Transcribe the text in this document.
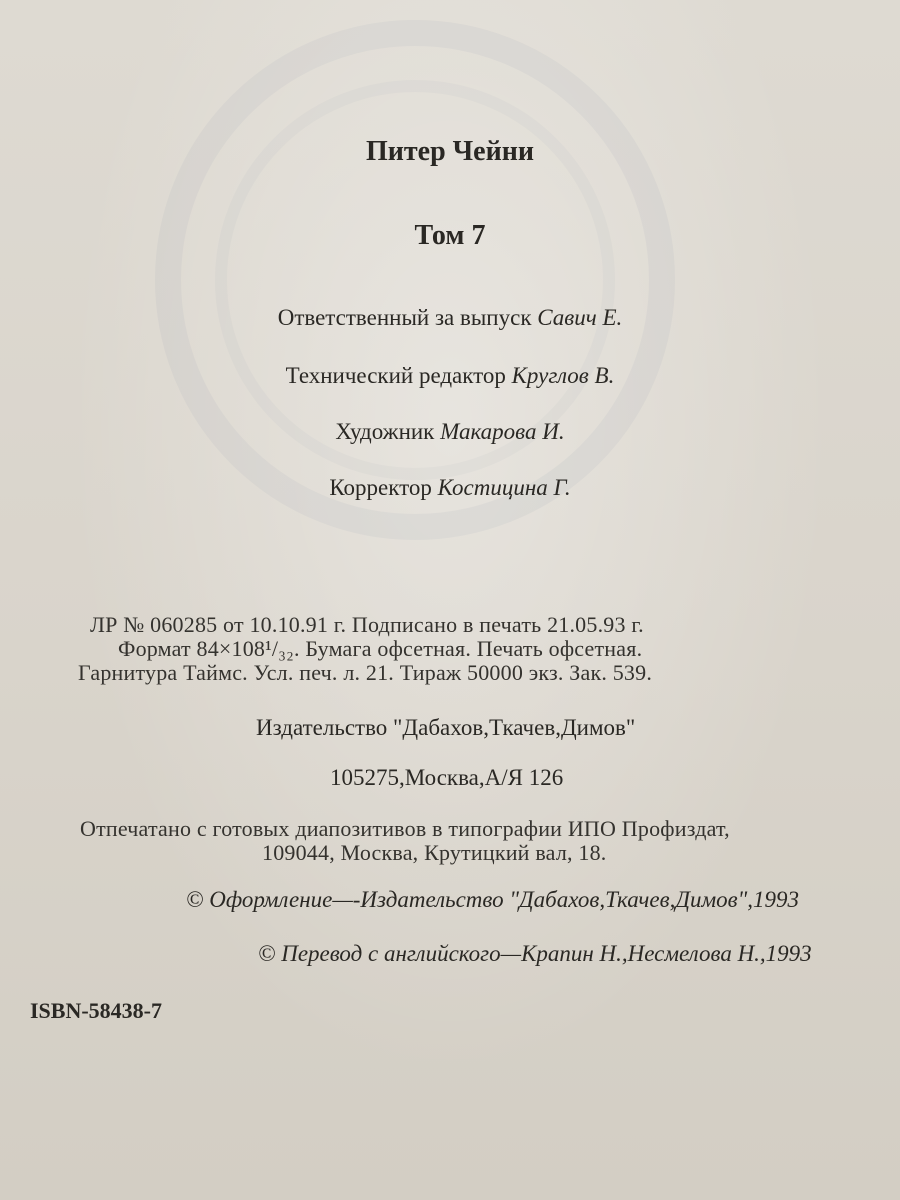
Питер Чейни
Том 7
Ответственный за выпуск Савич Е.
Технический редактор Круглов В.
Художник Макарова И.
Корректор Костицина Г.
ЛР № 060285 от 10.10.91 г. Подписано в печать 21.05.93 г.
Формат 84×108¹/₃₂. Бумага офсетная. Печать офсетная.
Гарнитура Таймс. Усл. печ. л. 21. Тираж 50000 экз. Зак. 539.
Издательство "Дабахов,Ткачев,Димов"
105275,Москва,А/Я 126
Отпечатано с готовых диапозитивов в типографии ИПО Профиздат,
109044, Москва, Крутицкий вал, 18.
© Оформление—-Издательство "Дабахов,Ткачев,Димов",1993
© Перевод с английского—Крапин Н.,Несмелова Н.,1993
ISBN-58438-7
